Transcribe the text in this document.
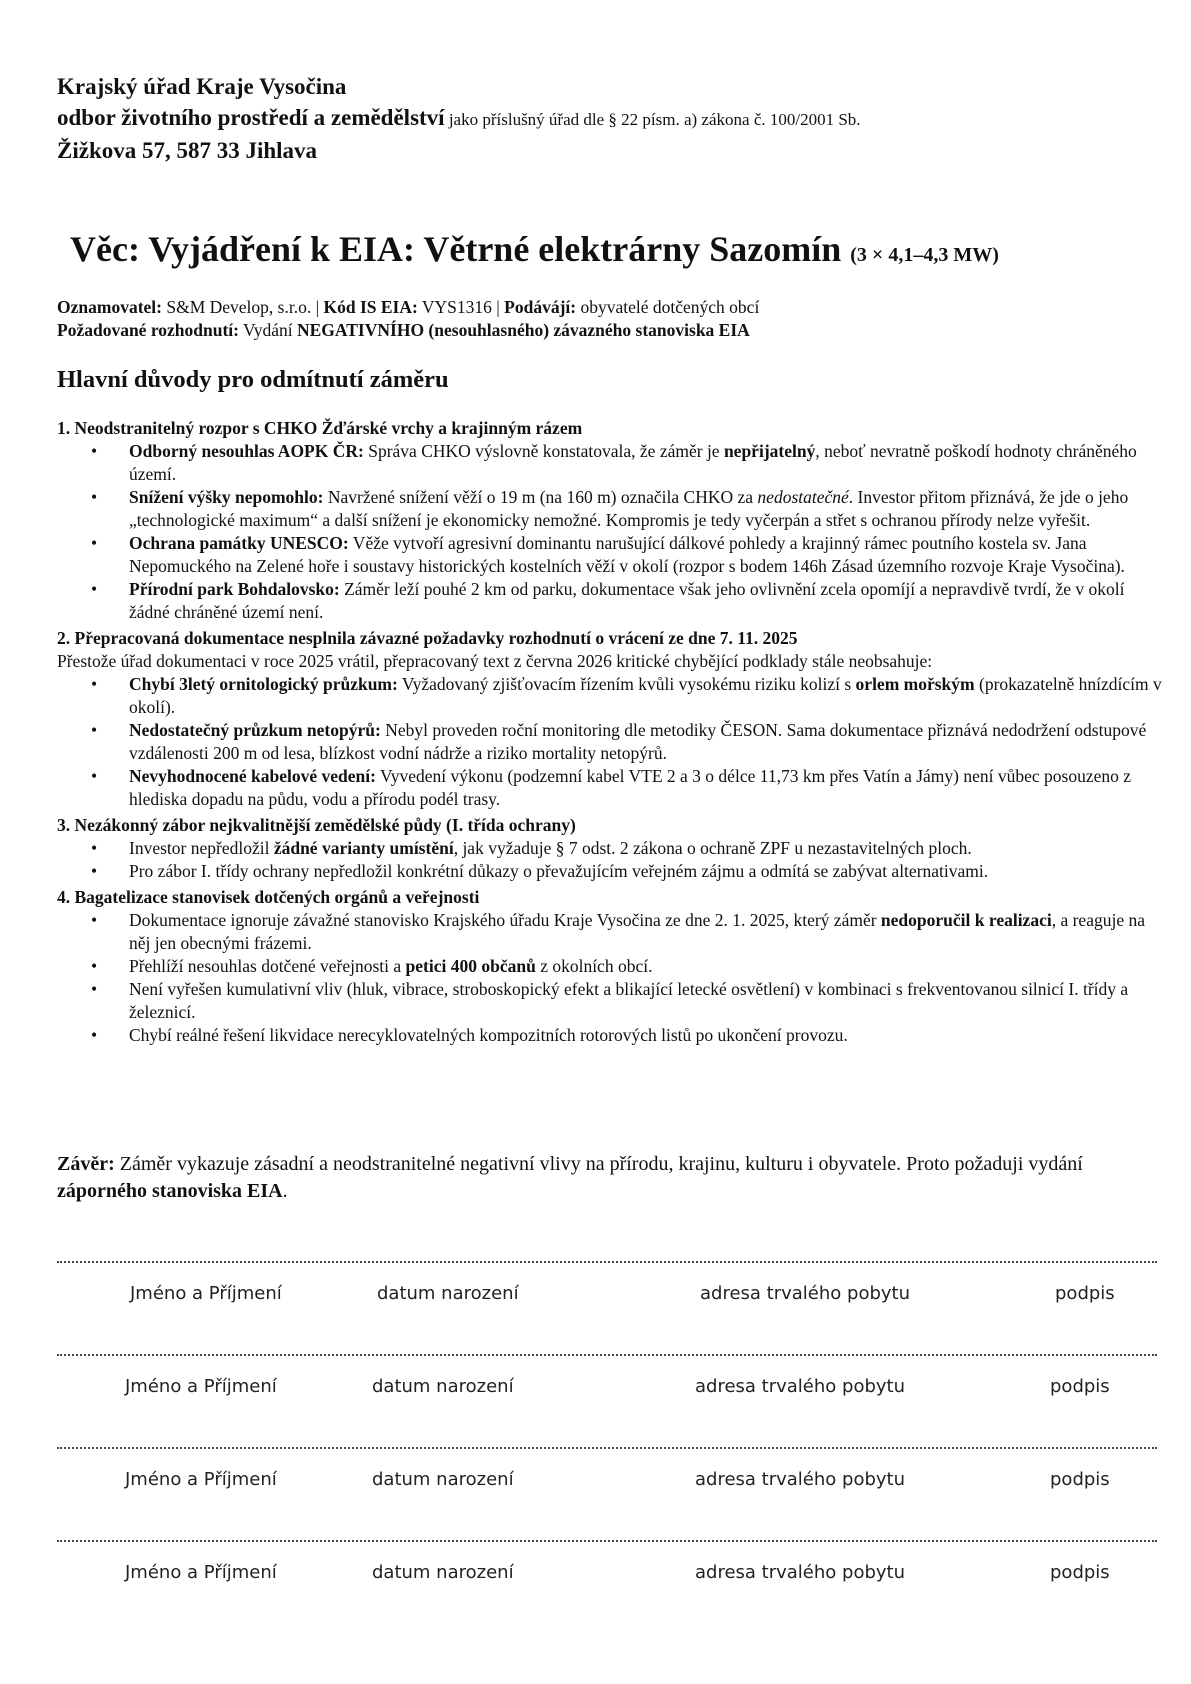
Krajský úřad Kraje Vysočina
odbor životního prostředí a zemědělství jako příslušný úřad dle § 22 písm. a) zákona č. 100/2001 Sb.
Žižkova 57, 587 33 Jihlava
Věc: Vyjádření k EIA: Větrné elektrárny Sazomín (3 × 4,1–4,3 MW)
Oznamovatel: S&M Develop, s.r.o. | Kód IS EIA: VYS1316 | Podávájí: obyvatelé dotčených obcí
Požadované rozhodnutí: Vydání NEGATIVNÍHO (nesouhlasného) závazného stanoviska EIA
Hlavní důvody pro odmítnutí záměru
1. Neodstranitelný rozpor s CHKO Žďárské vrchy a krajinným rázem
• Odborný nesouhlas AOPK ČR: Správa CHKO výslovně konstatovala, že záměr je nepřijatelný, neboť nevratně poškodí hodnoty chráněného území.
• Snížení výšky nepomohlo: Navržené snížení věží o 19 m (na 160 m) označila CHKO za nedostatečné. Investor přitom přiznává, že jde o jeho „technologické maximum“ a další snížení je ekonomicky nemožné. Kompromis je tedy vyčerpán a střet s ochranou přírody nelze vyřešit.
• Ochrana památky UNESCO: Věže vytvoří agresivní dominantu narušující dálkové pohledy a krajinný rámec poutního kostela sv. Jana Nepomuckého na Zelené hoře i soustavy historických kostelních věží v okolí (rozpor s bodem 146h Zásad územního rozvoje Kraje Vysočina).
• Přírodní park Bohdalovsko: Záměr leží pouhé 2 km od parku, dokumentace však jeho ovlivnění zcela opomíjí a nepravdivě tvrdí, že v okolí žádné chráněné území není.
2. Přepracovaná dokumentace nesplnila závazné požadavky rozhodnutí o vrácení ze dne 7. 11. 2025
Přestože úřad dokumentaci v roce 2025 vrátil, přepracovaný text z června 2026 kritické chybějící podklady stále neobsahuje:
• Chybí 3letý ornitologický průzkum: Vyžadovaný zjišťovacím řízením kvůli vysokému riziku kolizí s orlem mořským (prokazatelně hnízdícím v okolí).
• Nedostatečný průzkum netopýrů: Nebyl proveden roční monitoring dle metodiky ČESON. Sama dokumentace přiznává nedodržení odstupové vzdálenosti 200 m od lesa, blízkost vodní nádrže a riziko mortality netopýrů.
• Nevyhodnocené kabelové vedení: Vyvedení výkonu (podzemní kabel VTE 2 a 3 o délce 11,73 km přes Vatín a Jámy) není vůbec posouzeno z hlediska dopadu na půdu, vodu a přírodu podél trasy.
3. Nezákonný zábor nejkvalitnější zemědělské půdy (I. třída ochrany)
• Investor nepředložil žádné varianty umístění, jak vyžaduje § 7 odst. 2 zákona o ochraně ZPF u nezastavitelných ploch.
• Pro zábor I. třídy ochrany nepředložil konkrétní důkazy o převažujícím veřejném zájmu a odmítá se zabývat alternativami.
4. Bagatelizace stanovisek dotčených orgánů a veřejnosti
• Dokumentace ignoruje závažné stanovisko Krajského úřadu Kraje Vysočina ze dne 2. 1. 2025, který záměr nedoporučil k realizaci, a reaguje na něj jen obecnými frázemi.
• Přehlíží nesouhlas dotčené veřejnosti a petici 400 občanů z okolních obcí.
• Není vyřešen kumulativní vliv (hluk, vibrace, stroboskopický efekt a blikající letecké osvětlení) v kombinaci s frekventovanou silnicí I. třídy a železnicí.
• Chybí reálné řešení likvidace nerecyklovatelných kompozitních rotorových listů po ukončení provozu.
Závěr: Záměr vykazuje zásadní a neodstranitelné negativní vlivy na přírodu, krajinu, kulturu i obyvatele. Proto požaduji vydání záporného stanoviska EIA.
Jméno a Příjmení	datum narození	adresa trvalého pobytu	podpis
Jméno a Příjmení	datum narození	adresa trvalého pobytu	podpis
Jméno a Příjmení	datum narození	adresa trvalého pobytu	podpis
Jméno a Příjmení	datum narození	adresa trvalého pobytu	podpis
